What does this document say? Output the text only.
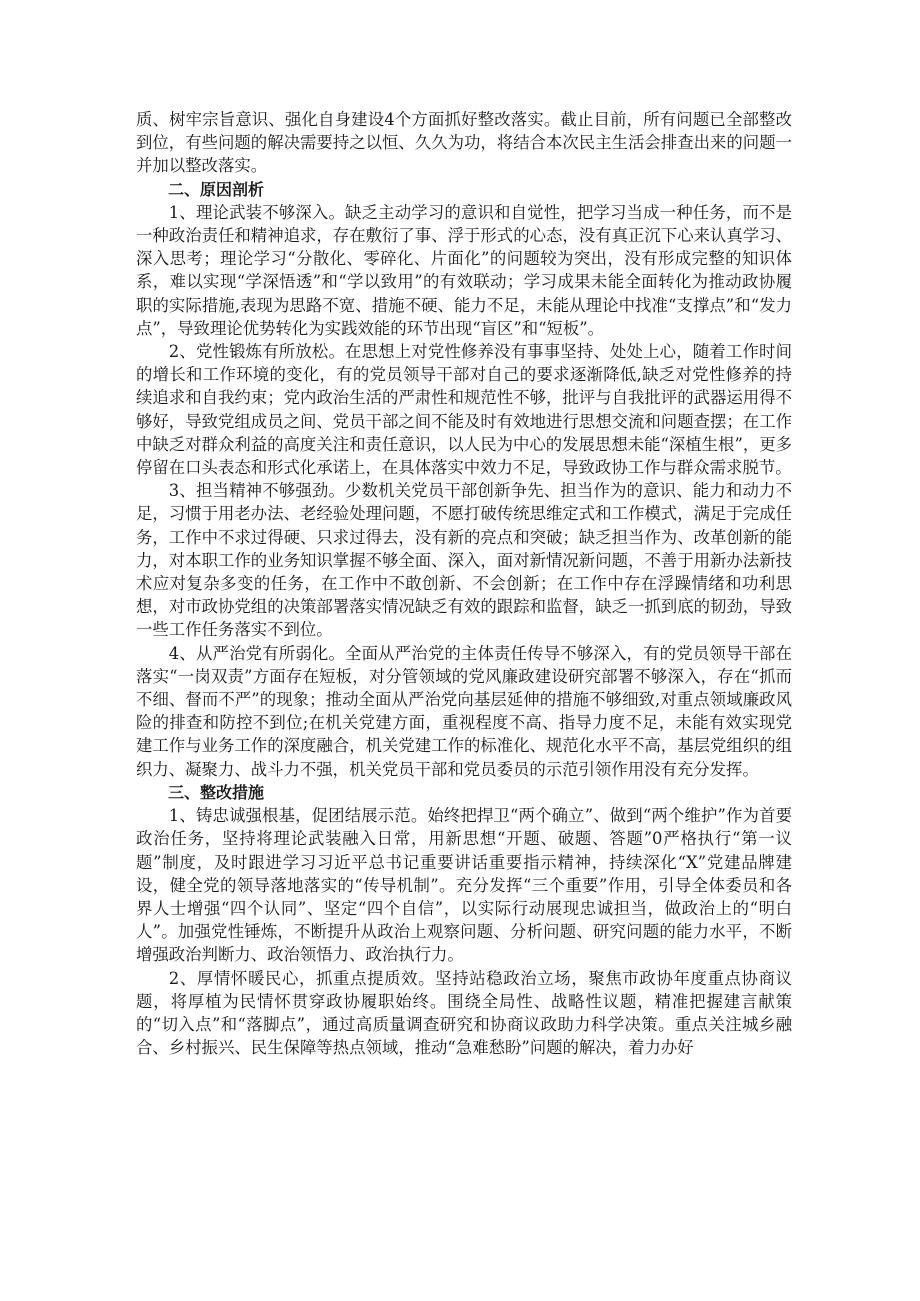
质、树牢宗旨意识、强化自身建设4个方面抓好整改落实。截止目前，所有问题已全部整改到位，有些问题的解决需要持之以恒、久久为功，将结合本次民主生活会排查出来的问题一并加以整改落实。

二、原因剖析

1、理论武装不够深入。缺乏主动学习的意识和自觉性，把学习当成一种任务，而不是一种政治责任和精神追求，存在敷衍了事、浮于形式的心态，没有真正沉下心来认真学习、深入思考；理论学习“分散化、零碎化、片面化”的问题较为突出，没有形成完整的知识体系，难以实现“学深悟透”和“学以致用”的有效联动；学习成果未能全面转化为推动政协履职的实际措施,表现为思路不宽、措施不硬、能力不足，未能从理论中找准“支撑点”和“发力点”，导致理论优势转化为实践效能的环节出现“盲区”和“短板”。

2、党性锻炼有所放松。在思想上对党性修养没有事事坚持、处处上心，随着工作时间的增长和工作环境的变化，有的党员领导干部对自己的要求逐渐降低,缺乏对党性修养的持续追求和自我约束；党内政治生活的严肃性和规范性不够，批评与自我批评的武器运用得不够好，导致党组成员之间、党员干部之间不能及时有效地进行思想交流和问题查摆；在工作中缺乏对群众利益的高度关注和责任意识，以人民为中心的发展思想未能“深植生根”，更多停留在口头表态和形式化承诺上，在具体落实中效力不足，导致政协工作与群众需求脱节。

3、担当精神不够强劲。少数机关党员干部创新争先、担当作为的意识、能力和动力不足，习惯于用老办法、老经验处理问题，不愿打破传统思维定式和工作模式，满足于完成任务，工作中不求过得硬、只求过得去，没有新的亮点和突破；缺乏担当作为、改革创新的能力，对本职工作的业务知识掌握不够全面、深入，面对新情况新问题，不善于用新办法新技术应对复杂多变的任务，在工作中不敢创新、不会创新；在工作中存在浮躁情绪和功利思想，对市政协党组的决策部署落实情况缺乏有效的跟踪和监督，缺乏一抓到底的韧劲，导致一些工作任务落实不到位。

4、从严治党有所弱化。全面从严治党的主体责任传导不够深入，有的党员领导干部在落实“一岗双责”方面存在短板，对分管领域的党风廉政建设研究部署不够深入，存在“抓而不细、督而不严”的现象；推动全面从严治党向基层延伸的措施不够细致,对重点领域廉政风险的排查和防控不到位;在机关党建方面，重视程度不高、指导力度不足，未能有效实现党建工作与业务工作的深度融合，机关党建工作的标准化、规范化水平不高，基层党组织的组织力、凝聚力、战斗力不强，机关党员干部和党员委员的示范引领作用没有充分发挥。

三、整改措施

1、铸忠诚强根基，促团结展示范。始终把捍卫“两个确立”、做到“两个维护”作为首要政治任务，坚持将理论武装融入日常，用新思想“开题、破题、答题”0严格执行“第一议题”制度，及时跟进学习习近平总书记重要讲话重要指示精神，持续深化“X”党建品牌建设，健全党的领导落地落实的“传导机制”。充分发挥“三个重要”作用，引导全体委员和各界人士增强“四个认同”、坚定“四个自信”，以实际行动展现忠诚担当，做政治上的“明白人”。加强党性锤炼，不断提升从政治上观察问题、分析问题、研究问题的能力水平，不断增强政治判断力、政治领悟力、政治执行力。

2、厚情怀暖民心，抓重点提质效。坚持站稳政治立场，聚焦市政协年度重点协商议题，将厚植为民情怀贯穿政协履职始终。围绕全局性、战略性议题，精准把握建言献策的“切入点”和“落脚点”，通过高质量调查研究和协商议政助力科学决策。重点关注城乡融合、乡村振兴、民生保障等热点领域，推动“急难愁盼”问题的解决，着力办好
